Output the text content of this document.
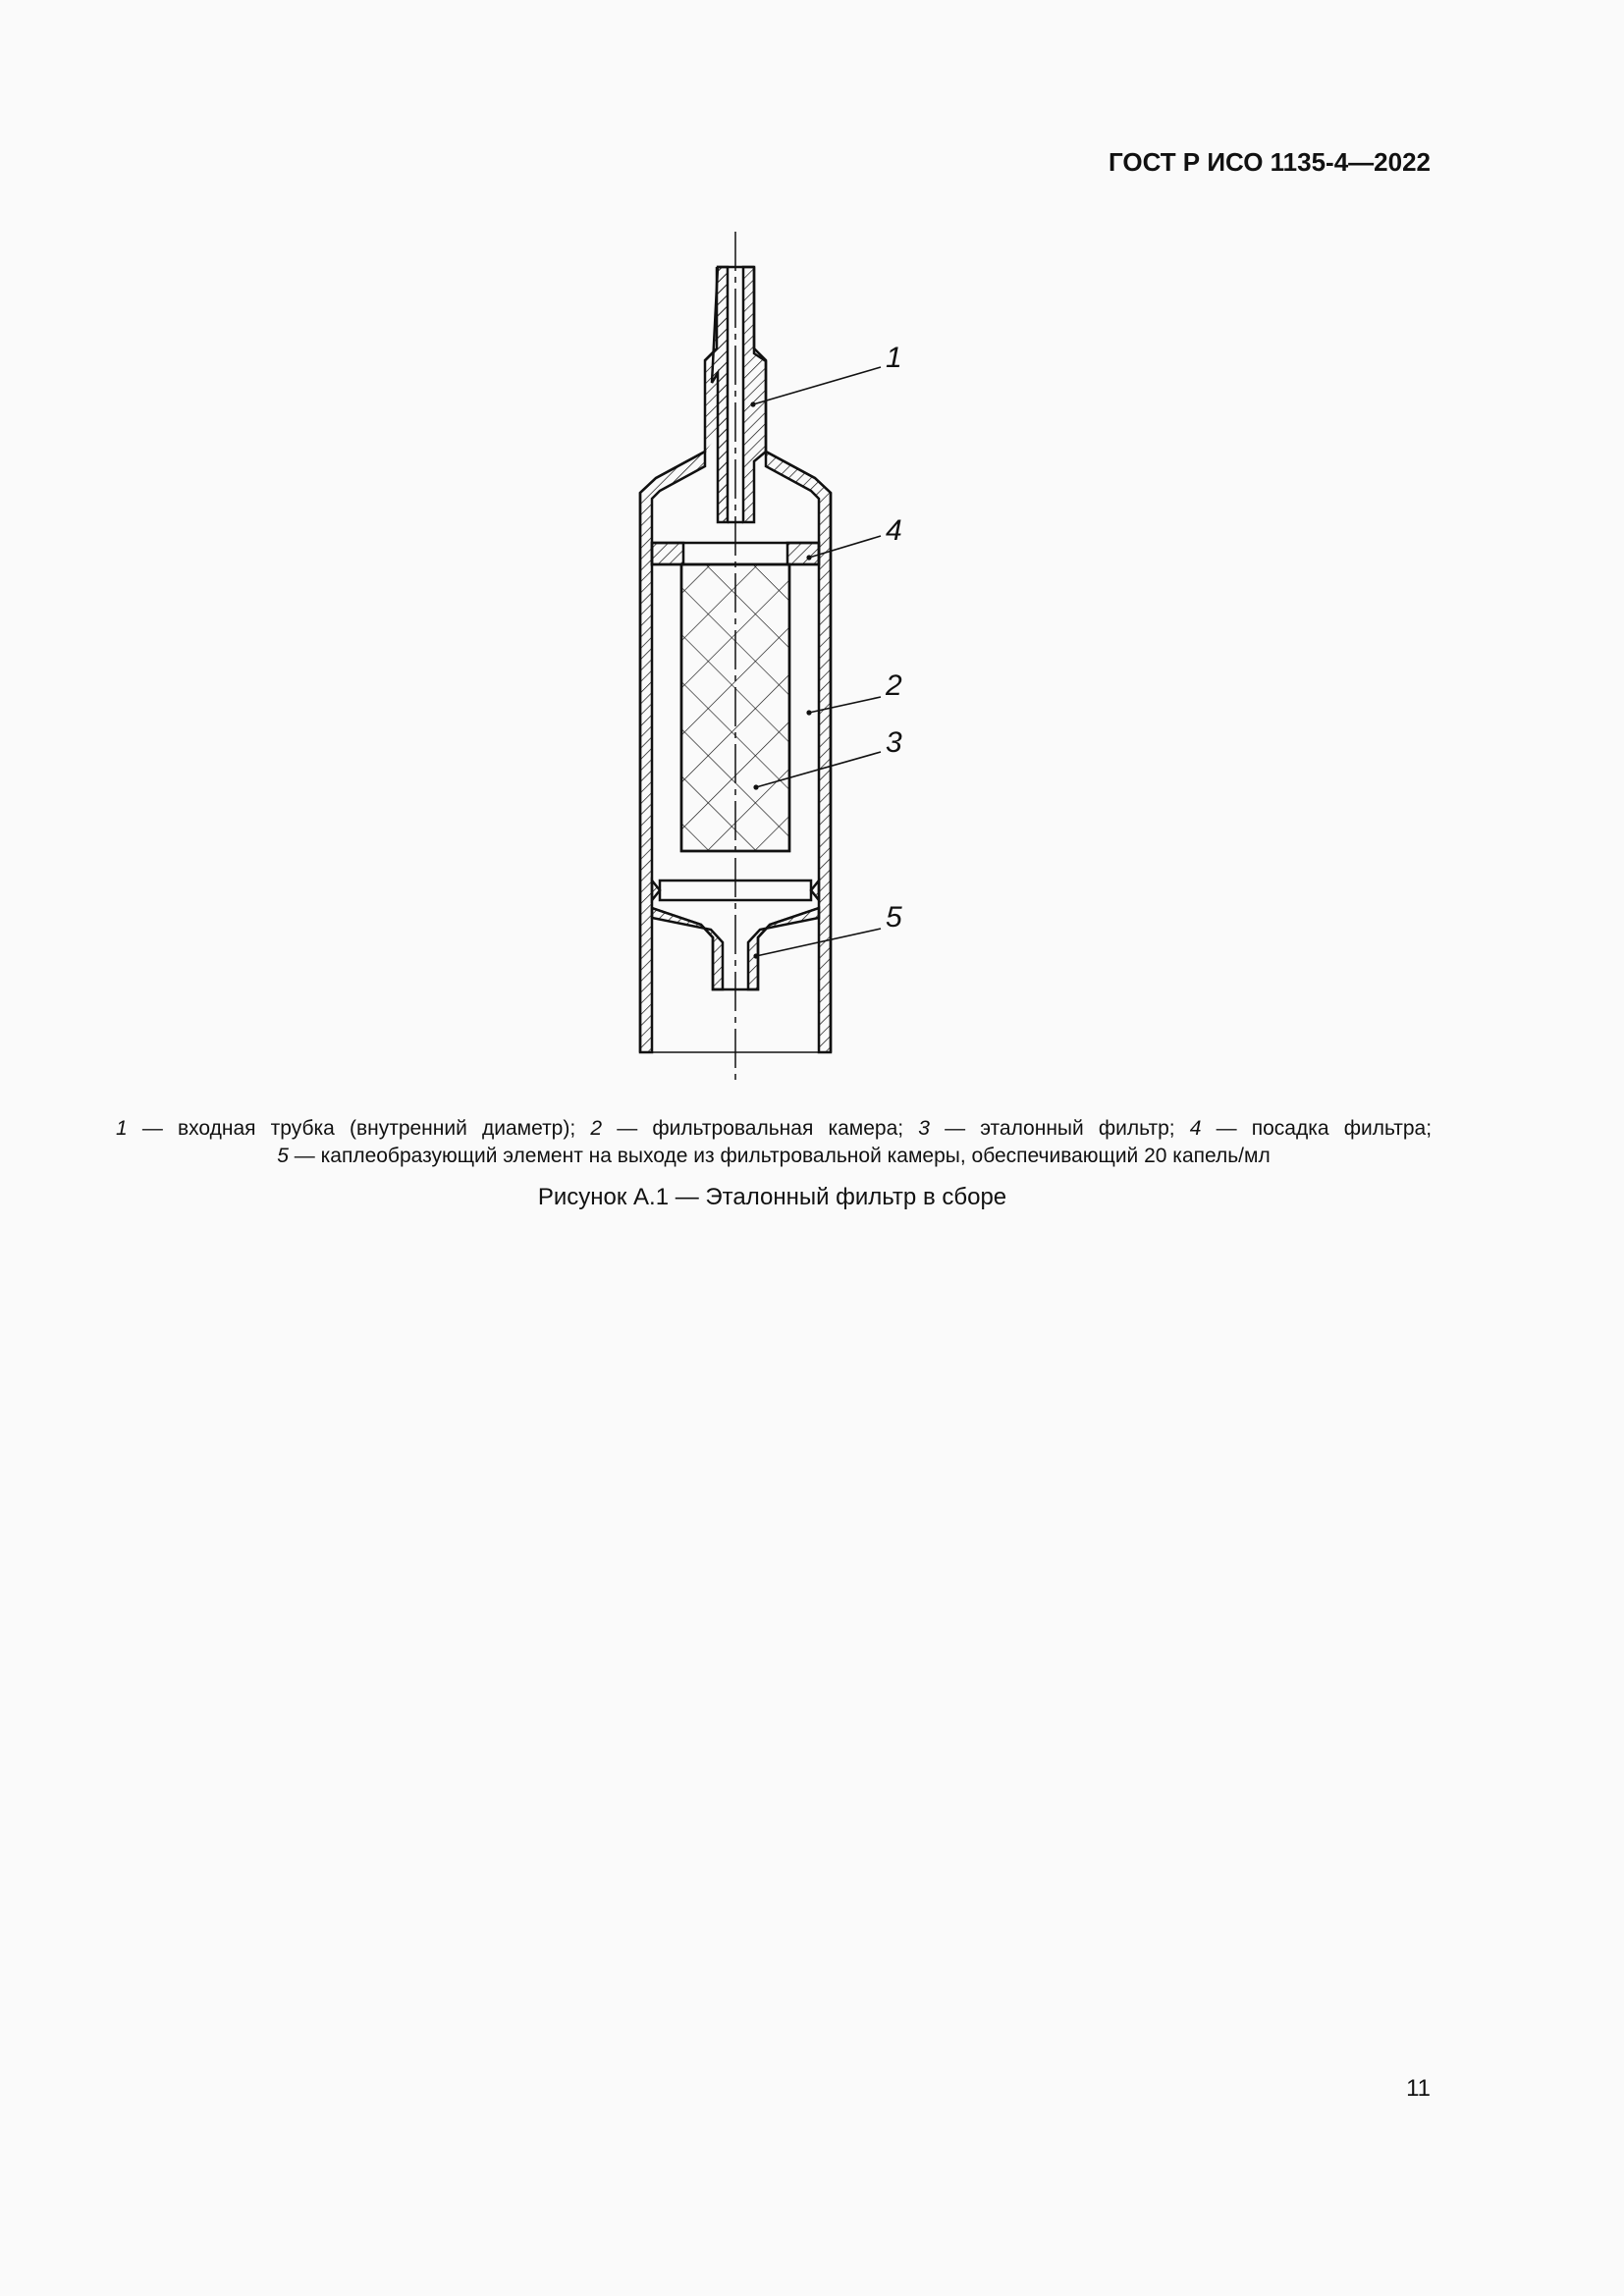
ГОСТ Р ИСО 1135-4—2022
1
4
2
3
5
1 — входная трубка (внутренний диаметр); 2 — фильтровальная камера; 3 — эталонный фильтр; 4 — посадка фильтра;
5 — каплеобразующий элемент на выходе из фильтровальной камеры, обеспечивающий 20 капель/мл
Рисунок А.1 — Эталонный фильтр в сборе
11
